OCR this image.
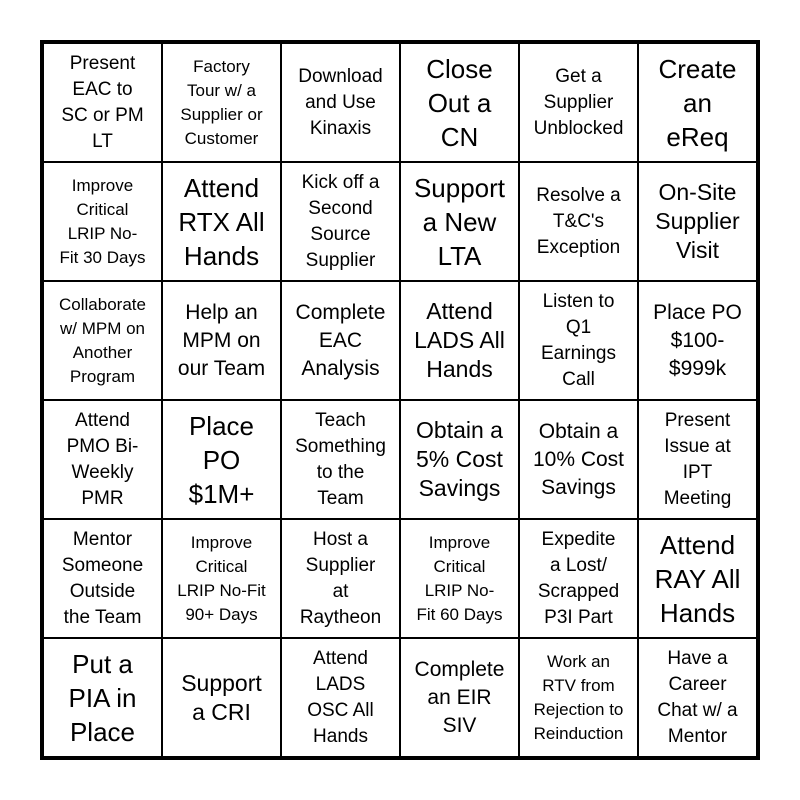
Present
EAC to
SC or PM
LT
Factory
Tour w/ a
Supplier or
Customer
Download
and Use
Kinaxis
Close
Out a
CN
Get a
Supplier
Unblocked
Create
an
eReq
Improve
Critical
LRIP No-
Fit 30 Days
Attend
RTX All
Hands
Kick off a
Second
Source
Supplier
Support
a New
LTA
Resolve a
T&C's
Exception
On-Site
Supplier
Visit
Collaborate
w/ MPM on
Another
Program
Help an
MPM on
our Team
Complete
EAC
Analysis
Attend
LADS All
Hands
Listen to
Q1
Earnings
Call
Place PO
$100-
$999k
Attend
PMO Bi-
Weekly
PMR
Place
PO
$1M+
Teach
Something
to the
Team
Obtain a
5% Cost
Savings
Obtain a
10% Cost
Savings
Present
Issue at
IPT
Meeting
Mentor
Someone
Outside
the Team
Improve
Critical
LRIP No-Fit
90+ Days
Host a
Supplier
at
Raytheon
Improve
Critical
LRIP No-
Fit 60 Days
Expedite
a Lost/
Scrapped
P3I Part
Attend
RAY All
Hands
Put a
PIA in
Place
Support
a CRI
Attend
LADS
OSC All
Hands
Complete
an EIR
SIV
Work an
RTV from
Rejection to
Reinduction
Have a
Career
Chat w/ a
Mentor
